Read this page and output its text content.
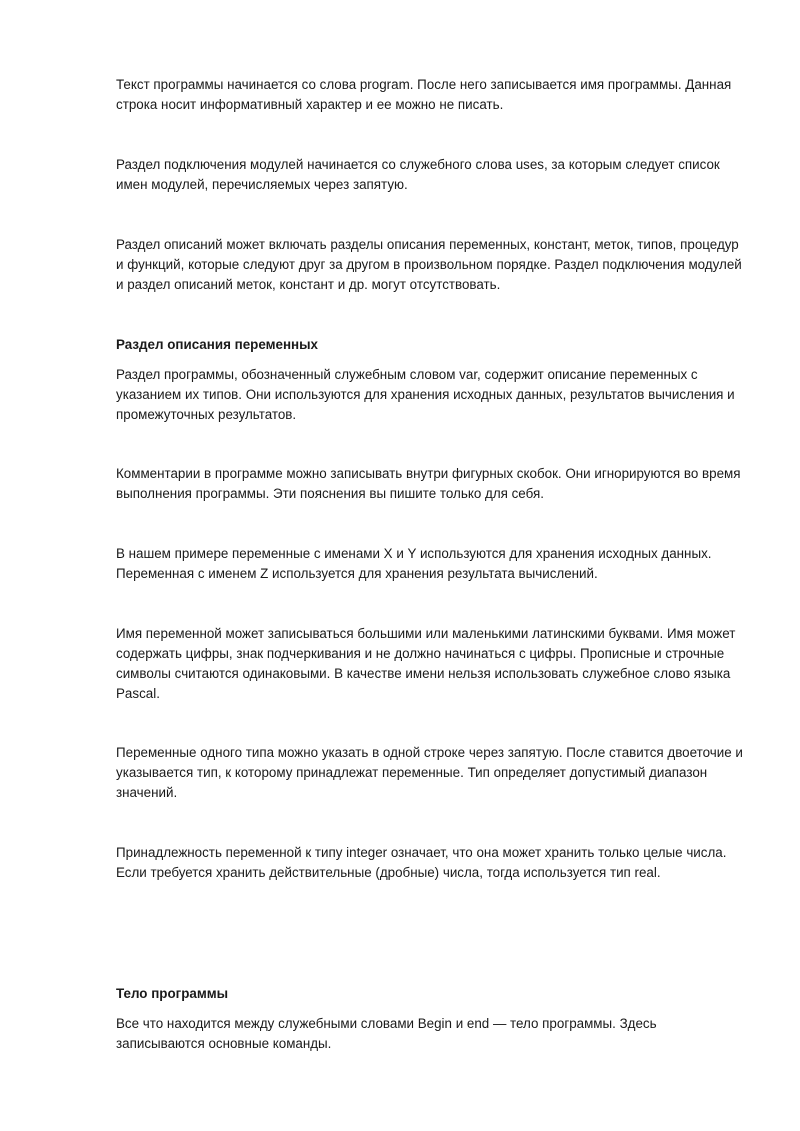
Текст программы начинается со слова program. После него записывается имя программы. Данная строка носит информативный характер и ее можно не писать.

Раздел подключения модулей начинается со служебного слова uses, за которым следует список имен модулей, перечисляемых через запятую.

Раздел описаний может включать разделы описания переменных, констант, меток, типов, процедур и функций, которые следуют друг за другом в произвольном порядке. Раздел подключения модулей и раздел описаний меток, констант и др. могут отсутствовать.

Раздел описания переменных

Раздел программы, обозначенный служебным словом var, содержит описание переменных с указанием их типов. Они используются для хранения исходных данных, результатов вычисления и промежуточных результатов.

Комментарии в программе можно записывать внутри фигурных скобок. Они игнорируются во время выполнения программы. Эти пояснения вы пишите только для себя.

В нашем примере переменные с именами X и Y используются для хранения исходных данных. Переменная с именем Z используется для хранения результата вычислений.

Имя переменной может записываться большими или маленькими латинскими буквами. Имя может содержать цифры, знак подчеркивания и не должно начинаться с цифры. Прописные и строчные символы считаются одинаковыми. В качестве имени нельзя использовать служебное слово языка Pascal.

Переменные одного типа можно указать в одной строке через запятую. После ставится двоеточие и указывается тип, к которому принадлежат переменные. Тип определяет допустимый диапазон значений.

Принадлежность переменной к типу integer означает, что она может хранить только целые числа. Если требуется хранить действительные (дробные) числа, тогда используется тип real.

Тело программы

Все что находится между служебными словами Begin и end — тело программы. Здесь записываются основные команды.
